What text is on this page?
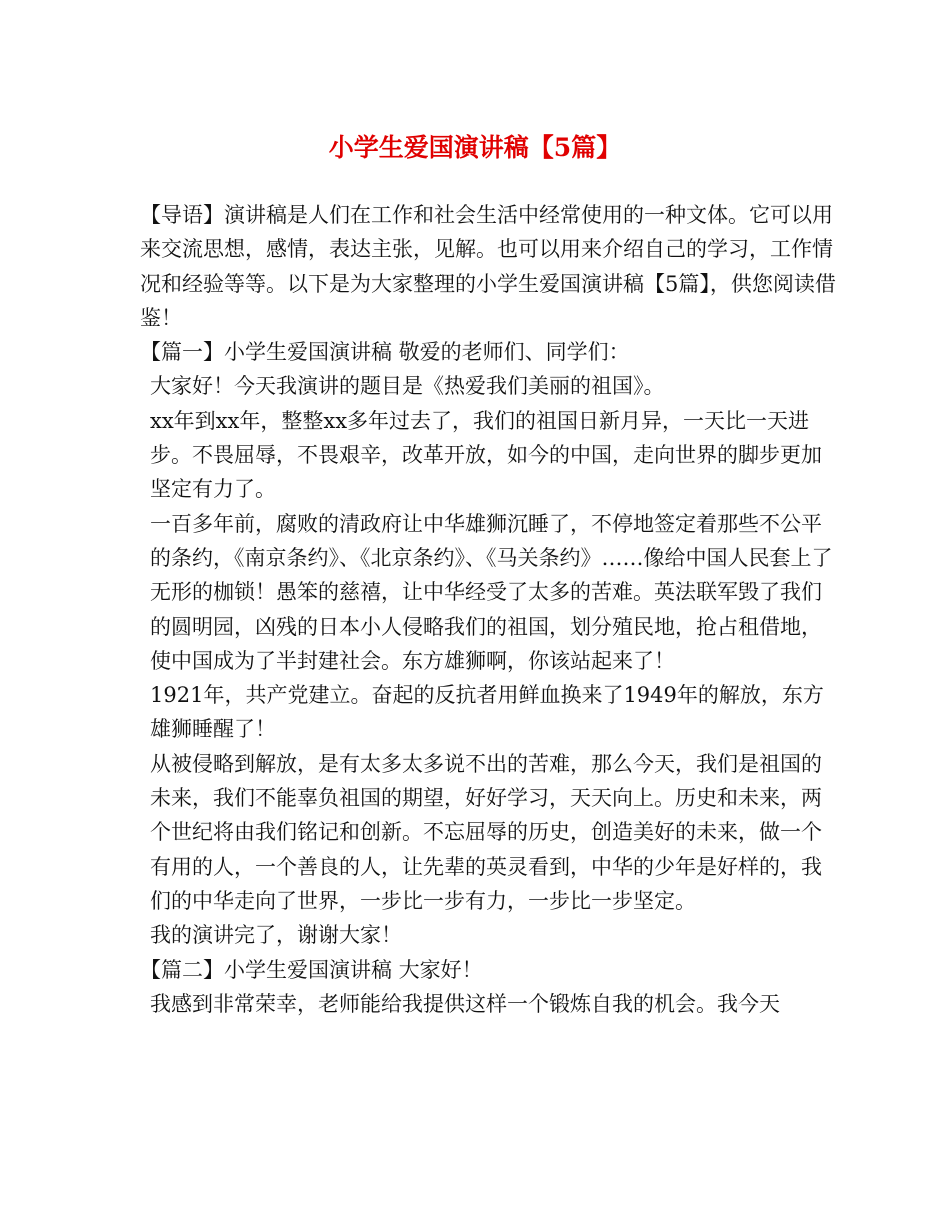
小学生爱国演讲稿【5篇】

【导语】演讲稿是人们在工作和社会生活中经常使用的一种文体。它可以用来交流思想，感情，表达主张，见解。也可以用来介绍自己的学习，工作情况和经验等等。以下是为大家整理的小学生爱国演讲稿【5篇】，供您阅读借鉴！

【篇一】小学生爱国演讲稿 敬爱的老师们、同学们：

大家好！今天我演讲的题目是《热爱我们美丽的祖国》。

xx年到xx年，整整xx多年过去了，我们的祖国日新月异，一天比一天进步。不畏屈辱，不畏艰辛，改革开放，如今的中国，走向世界的脚步更加坚定有力了。

一百多年前，腐败的清政府让中华雄狮沉睡了，不停地签定着那些不公平的条约，《南京条约》、《北京条约》、《马关条约》……像给中国人民套上了无形的枷锁！愚笨的慈禧，让中华经受了太多的苦难。英法联军毁了我们的圆明园，凶残的日本小人侵略我们的祖国，划分殖民地，抢占租借地，使中国成为了半封建社会。东方雄狮啊，你该站起来了！

1921年，共产党建立。奋起的反抗者用鲜血换来了1949年的解放，东方雄狮睡醒了！

从被侵略到解放，是有太多太多说不出的苦难，那么今天，我们是祖国的未来，我们不能辜负祖国的期望，好好学习，天天向上。历史和未来，两个世纪将由我们铭记和创新。不忘屈辱的历史，创造美好的未来，做一个有用的人，一个善良的人，让先辈的英灵看到，中华的少年是好样的，我们的中华走向了世界，一步比一步有力，一步比一步坚定。

我的演讲完了，谢谢大家！

【篇二】小学生爱国演讲稿 大家好！

我感到非常荣幸，老师能给我提供这样一个锻炼自我的机会。我今天
